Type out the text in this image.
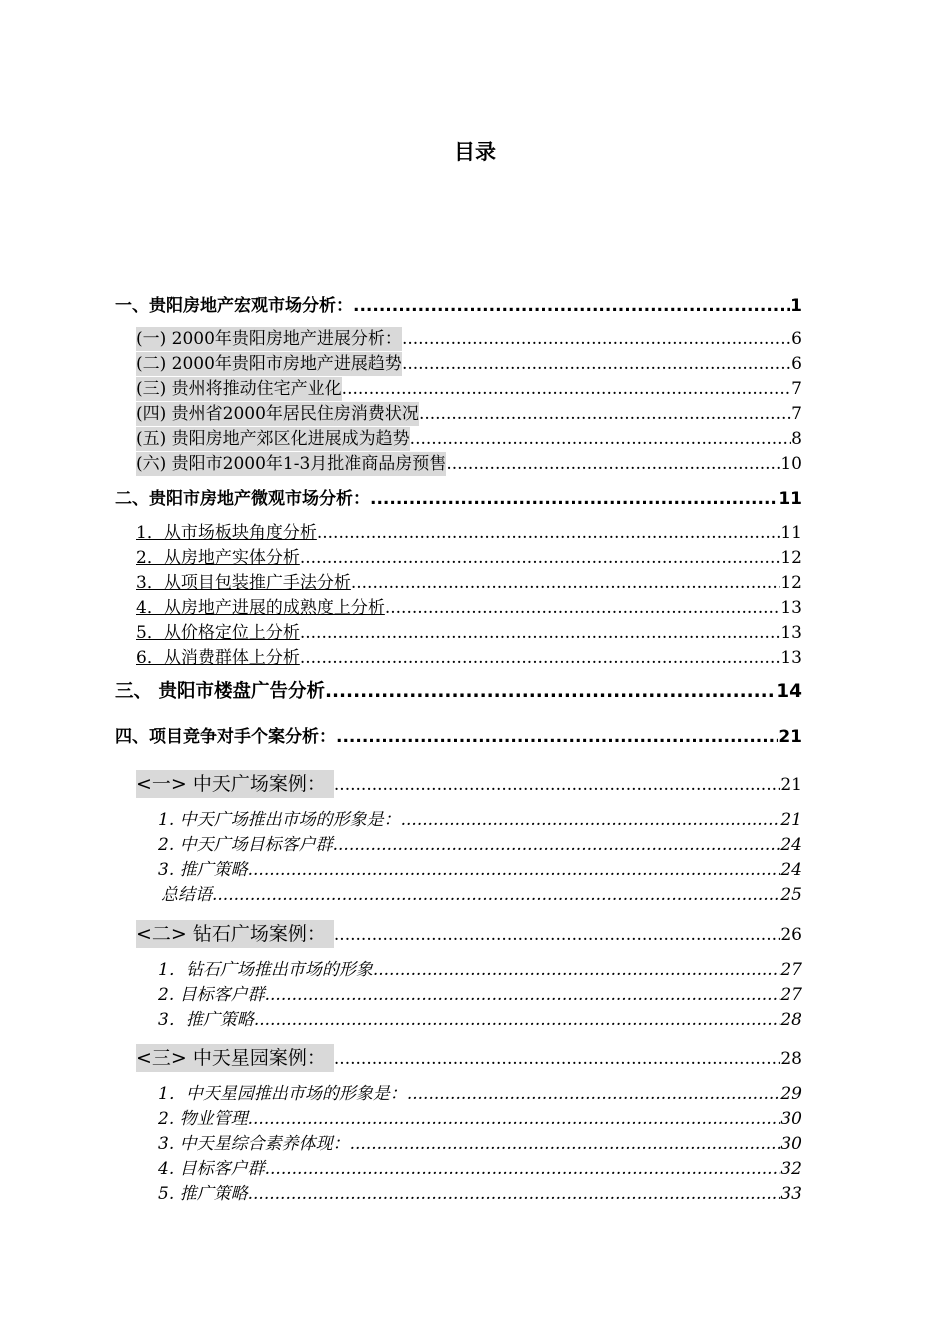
目录
一、贵阳房地产宏观市场分析： .....	1
(一) 2000年贵阳房地产进展分析： .....	6
(二) 2000年贵阳市房地产进展趋势 .....	6
(三) 贵州将推动住宅产业化 .....	7
(四) 贵州省2000年居民住房消费状况 .....	7
(五) 贵阳房地产郊区化进展成为趋势 .....	8
(六) 贵阳市2000年1-3月批准商品房预售 .....	10
二、贵阳市房地产微观市场分析： .....	11
1．从市场板块角度分析 .....	11
2．从房地产实体分析 .....	12
3．从项目包装推广手法分析 .....	12
4．从房地产进展的成熟度上分析 .....	13
5．从价格定位上分析 .....	13
6．从消费群体上分析 .....	13
三、 贵阳市楼盘广告分析 .....	14
四、项目竞争对手个案分析： .....	21
<一> 中天广场案例： .....	21
1. 中天广场推出市场的形象是： .....	21
2. 中天广场目标客户群 .....	24
3. 推广策略 .....	24
总结语 .....	25
<二> 钻石广场案例： .....	26
1．钻石广场推出市场的形象 .....	27
2. 目标客户群 .....	27
3．推广策略 .....	28
<三> 中天星园案例： .....	28
1．中天星园推出市场的形象是： .....	29
2. 物业管理 .....	30
3. 中天星综合素养体现： .....	30
4. 目标客户群 .....	32
5. 推广策略 .....	33
